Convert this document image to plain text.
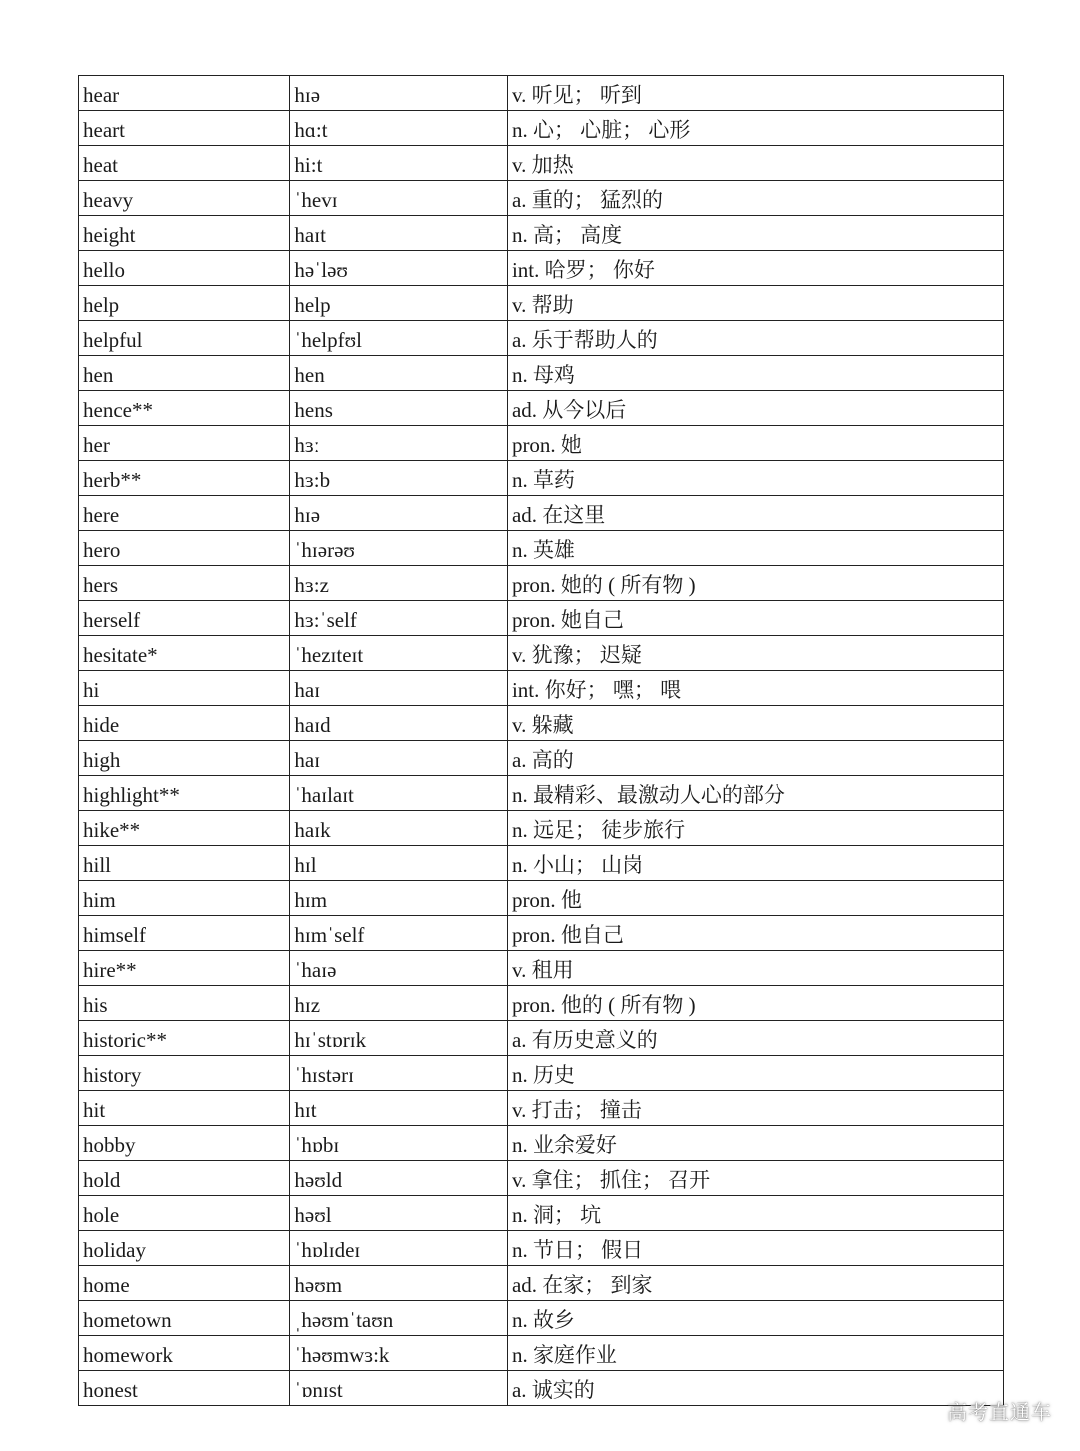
hear	hɪə	v. 听见； 听到
heart	hɑ:t	n. 心； 心脏； 心形
heat	hi:t	v. 加热
heavy	ˈhevɪ	a. 重的； 猛烈的
height	haɪt	n. 高； 高度
hello	həˈləʊ	int. 哈罗； 你好
help	help	v. 帮助
helpful	ˈhelpfʊl	a. 乐于帮助人的
hen	hen	n. 母鸡
hence**	hens	ad. 从今以后
her	hɜː	pron. 她
herb**	hɜ:b	n. 草药
here	hɪə	ad. 在这里
hero	ˈhɪərəʊ	n. 英雄
hers	hɜ:z	pron. 她的 ( 所有物 )
herself	hɜ:ˈself	pron. 她自己
hesitate*	ˈhezɪteɪt	v. 犹豫； 迟疑
hi	haɪ	int. 你好； 嘿； 喂
hide	haɪd	v. 躲藏
high	haɪ	a. 高的
highlight**	ˈhaɪlaɪt	n. 最精彩、最激动人心的部分
hike**	haɪk	n. 远足； 徒步旅行
hill	hɪl	n. 小山； 山岗
him	hɪm	pron. 他
himself	hɪmˈself	pron. 他自己
hire**	ˈhaɪə	v. 租用
his	hɪz	pron. 他的 ( 所有物 )
historic**	hɪˈstɒrɪk	a. 有历史意义的
history	ˈhɪstərɪ	n. 历史
hit	hɪt	v. 打击； 撞击
hobby	ˈhɒbɪ	n. 业余爱好
hold	həʊld	v. 拿住； 抓住； 召开
hole	həʊl	n. 洞； 坑
holiday	ˈhɒlɪdeɪ	n. 节日； 假日
home	həʊm	ad. 在家； 到家
hometown	ˌhəʊmˈtaʊn	n. 故乡
homework	ˈhəʊmwɜ:k	n. 家庭作业
honest	ˈɒnɪst	a. 诚实的
高考直通车
